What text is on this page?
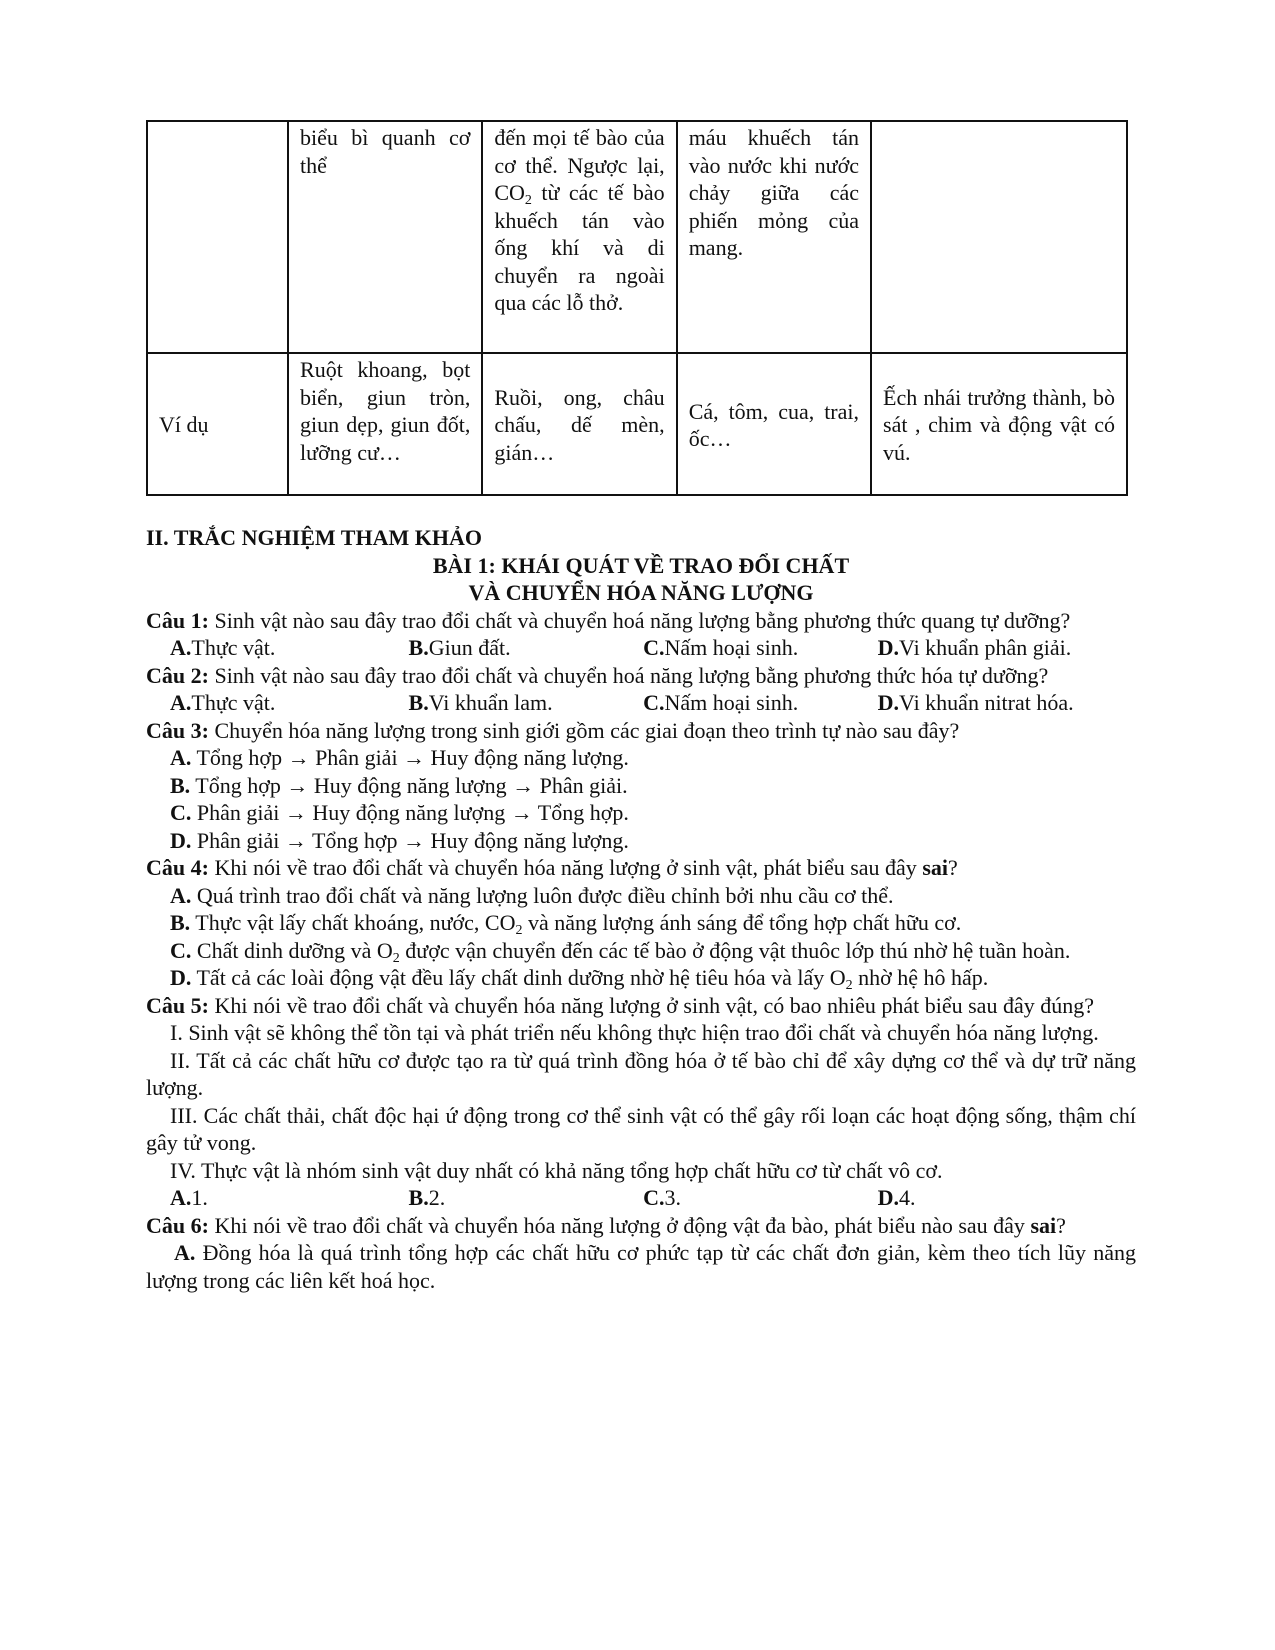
	biểu bì quanh cơ thể	đến mọi tế bào của cơ thể. Ngược lại, $CO_2$ từ các tế bào khuếch tán vào ống khí và di chuyển ra ngoài qua các lỗ thở.	máu khuếch tán vào nước khi nước chảy giữa các phiến mỏng của mang.	
Ví dụ	Ruột khoang, bọt biển, giun tròn, giun dẹp, giun đốt, lưỡng cư…	Ruồi, ong, châu chấu, dế mèn, gián…	Cá, tôm, cua, trai, ốc…	Ếch nhái trưởng thành, bò sát , chim và động vật có vú.
II. TRẮC NGHIỆM THAM KHẢO
BÀI 1: KHÁI QUÁT VỀ TRAO ĐỔI CHẤT
VÀ CHUYỂN HÓA NĂNG LƯỢNG
Câu 1: Sinh vật nào sau đây trao đổi chất và chuyển hoá năng lượng bằng phương thức quang tự dưỡng?
A.Thực vật.	B.Giun đất.	C.Nấm hoại sinh.	D.Vi khuẩn phân giải.
Câu 2: Sinh vật nào sau đây trao đổi chất và chuyển hoá năng lượng bằng phương thức hóa tự dưỡng?
A.Thực vật.	B.Vi khuẩn lam.	C.Nấm hoại sinh.	D.Vi khuẩn nitrat hóa.
Câu 3: Chuyển hóa năng lượng trong sinh giới gồm các giai đoạn theo trình tự nào sau đây?
A. Tổng hợp → Phân giải → Huy động năng lượng.
B. Tổng hợp → Huy động năng lượng → Phân giải.
C. Phân giải → Huy động năng lượng → Tổng hợp.
D. Phân giải → Tổng hợp → Huy động năng lượng.
Câu 4: Khi nói về trao đổi chất và chuyển hóa năng lượng ở sinh vật, phát biểu sau đây sai?
A. Quá trình trao đổi chất và năng lượng luôn được điều chỉnh bởi nhu cầu cơ thể.
B. Thực vật lấy chất khoáng, nước, $CO_2$ và năng lượng ánh sáng để tổng hợp chất hữu cơ.
C. Chất dinh dưỡng và $O_2$ được vận chuyển đến các tế bào ở động vật thuôc lớp thú nhờ hệ tuần hoàn.
D. Tất cả các loài động vật đều lấy chất dinh dưỡng nhờ hệ tiêu hóa và lấy $O_2$ nhờ hệ hô hấp.
Câu 5: Khi nói về trao đổi chất và chuyển hóa năng lượng ở sinh vật, có bao nhiêu phát biểu sau đây đúng?
I. Sinh vật sẽ không thể tồn tại và phát triển nếu không thực hiện trao đổi chất và chuyển hóa năng lượng.
II. Tất cả các chất hữu cơ được tạo ra từ quá trình đồng hóa ở tế bào chỉ để xây dựng cơ thể và dự trữ năng lượng.
III. Các chất thải, chất độc hại ứ động trong cơ thể sinh vật có thể gây rối loạn các hoạt động sống, thậm chí gây tử vong.
IV. Thực vật là nhóm sinh vật duy nhất có khả năng tổng hợp chất hữu cơ từ chất vô cơ.
A.1.	B.2.	C.3.	D.4.
Câu 6: Khi nói về trao đổi chất và chuyển hóa năng lượng ở động vật đa bào, phát biểu nào sau đây sai?
A. Đồng hóa là quá trình tổng hợp các chất hữu cơ phức tạp từ các chất đơn giản, kèm theo tích lũy năng lượng trong các liên kết hoá học.
